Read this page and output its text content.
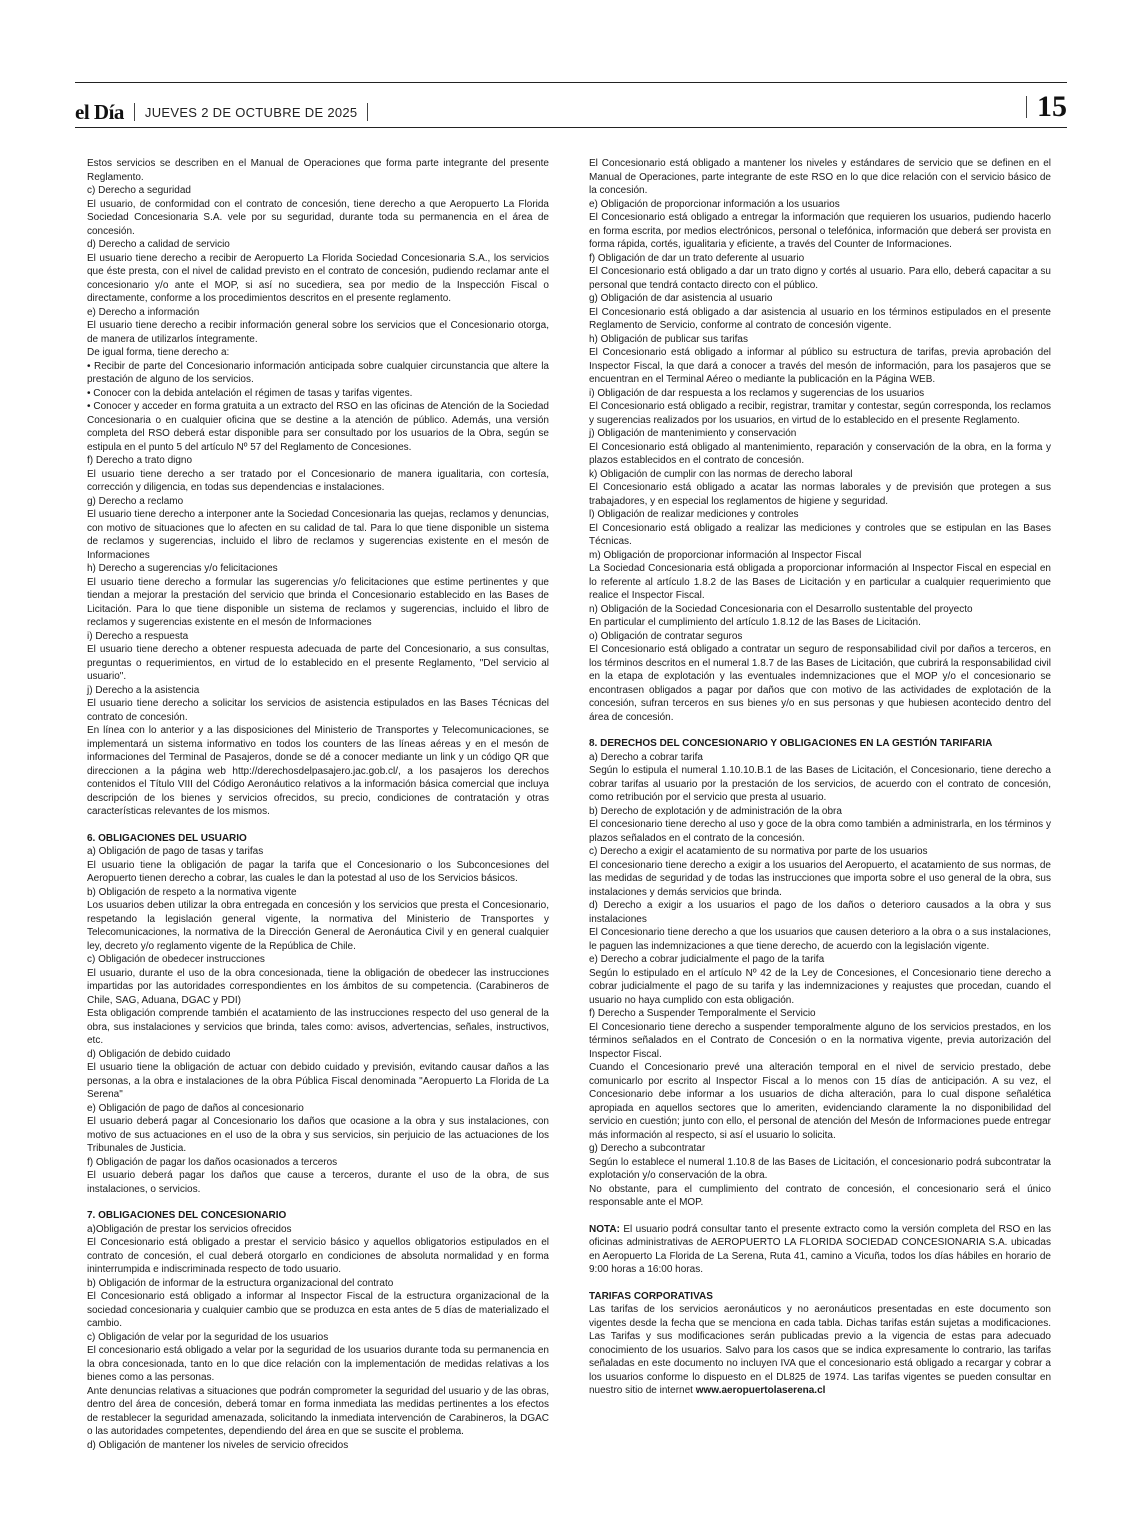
el Día JUEVES 2 DE OCTUBRE DE 2025	15

Estos servicios se describen en el Manual de Operaciones que forma parte integrante del presente Reglamento.

c) Derecho a seguridad

El usuario, de conformidad con el contrato de concesión, tiene derecho a que Aeropuerto La Florida Sociedad Concesionaria S.A. vele por su seguridad, durante toda su permanencia en el área de concesión.

d) Derecho a calidad de servicio

El usuario tiene derecho a recibir de Aeropuerto La Florida Sociedad Concesionaria S.A., los servicios que éste presta, con el nivel de calidad previsto en el contrato de concesión, pudiendo reclamar ante el concesionario y/o ante el MOP, si así no sucediera, sea por medio de la Inspección Fiscal o directamente, conforme a los procedimientos descritos en el presente reglamento.

e) Derecho a información

El usuario tiene derecho a recibir información general sobre los servicios que el Concesionario otorga, de manera de utilizarlos íntegramente.

De igual forma, tiene derecho a:

• Recibir de parte del Concesionario información anticipada sobre cualquier circunstancia que altere la prestación de alguno de los servicios.

• Conocer con la debida antelación el régimen de tasas y tarifas vigentes.

• Conocer y acceder en forma gratuita a un extracto del RSO en las oficinas de Atención de la Sociedad Concesionaria o en cualquier oficina que se destine a la atención de público. Además, una versión completa del RSO deberá estar disponible para ser consultado por los usuarios de la Obra, según se estipula en el punto 5 del artículo Nº 57 del Reglamento de Concesiones.

f) Derecho a trato digno

El usuario tiene derecho a ser tratado por el Concesionario de manera igualitaria, con cortesía, corrección y diligencia, en todas sus dependencias e instalaciones.

g) Derecho a reclamo

El usuario tiene derecho a interponer ante la Sociedad Concesionaria las quejas, reclamos y denuncias, con motivo de situaciones que lo afecten en su calidad de tal. Para lo que tiene disponible un sistema de reclamos y sugerencias, incluido el libro de reclamos y sugerencias existente en el mesón de Informaciones

h) Derecho a sugerencias y/o felicitaciones

El usuario tiene derecho a formular las sugerencias y/o felicitaciones que estime pertinentes y que tiendan a mejorar la prestación del servicio que brinda el Concesionario establecido en las Bases de Licitación. Para lo que tiene disponible un sistema de reclamos y sugerencias, incluido el libro de reclamos y sugerencias existente en el mesón de Informaciones

i) Derecho a respuesta

El usuario tiene derecho a obtener respuesta adecuada de parte del Concesionario, a sus consultas, preguntas o requerimientos, en virtud de lo establecido en el presente Reglamento, "Del servicio al usuario".

j) Derecho a la asistencia

El usuario tiene derecho a solicitar los servicios de asistencia estipulados en las Bases Técnicas del contrato de concesión.

En línea con lo anterior y a las disposiciones del Ministerio de Transportes y Telecomunicaciones, se implementará un sistema informativo en todos los counters de las líneas aéreas y en el mesón de informaciones del Terminal de Pasajeros, donde se dé a conocer mediante un link y un código QR que direccionen a la página web http://derechosdelpasajero.jac.gob.cl/, a los pasajeros los derechos contenidos el Título VIII del Código Aeronáutico relativos a la información básica comercial que incluya descripción de los bienes y servicios ofrecidos, su precio, condiciones de contratación y otras características relevantes de los mismos.

6. OBLIGACIONES DEL USUARIO

a) Obligación de pago de tasas y tarifas

El usuario tiene la obligación de pagar la tarifa que el Concesionario o los Subconcesiones del Aeropuerto tienen derecho a cobrar, las cuales le dan la potestad al uso de los Servicios básicos.

b) Obligación de respeto a la normativa vigente

Los usuarios deben utilizar la obra entregada en concesión y los servicios que presta el Concesionario, respetando la legislación general vigente, la normativa del Ministerio de Transportes y Telecomunicaciones, la normativa de la Dirección General de Aeronáutica Civil y en general cualquier ley, decreto y/o reglamento vigente de la República de Chile.

c) Obligación de obedecer instrucciones

El usuario, durante el uso de la obra concesionada, tiene la obligación de obedecer las instrucciones impartidas por las autoridades correspondientes en los ámbitos de su competencia. (Carabineros de Chile, SAG, Aduana, DGAC y PDI)

Esta obligación comprende también el acatamiento de las instrucciones respecto del uso general de la obra, sus instalaciones y servicios que brinda, tales como: avisos, advertencias, señales, instructivos, etc.

d) Obligación de debido cuidado

El usuario tiene la obligación de actuar con debido cuidado y previsión, evitando causar daños a las personas, a la obra e instalaciones de la obra Pública Fiscal denominada "Aeropuerto La Florida de La Serena"

e) Obligación de pago de daños al concesionario

El usuario deberá pagar al Concesionario los daños que ocasione a la obra y sus instalaciones, con motivo de sus actuaciones en el uso de la obra y sus servicios, sin perjuicio de las actuaciones de los Tribunales de Justicia.

f) Obligación de pagar los daños ocasionados a terceros

El usuario deberá pagar los daños que cause a terceros, durante el uso de la obra, de sus instalaciones, o servicios.

7. OBLIGACIONES DEL CONCESIONARIO

a)Obligación de prestar los servicios ofrecidos

El Concesionario está obligado a prestar el servicio básico y aquellos obligatorios estipulados en el contrato de concesión, el cual deberá otorgarlo en condiciones de absoluta normalidad y en forma ininterrumpida e indiscriminada respecto de todo usuario.

b) Obligación de informar de la estructura organizacional del contrato

El Concesionario está obligado a informar al Inspector Fiscal de la estructura organizacional de la sociedad concesionaria y cualquier cambio que se produzca en esta antes de 5 días de materializado el cambio.

c) Obligación de velar por la seguridad de los usuarios

El concesionario está obligado a velar por la seguridad de los usuarios durante toda su permanencia en la obra concesionada, tanto en lo que dice relación con la implementación de medidas relativas a los bienes como a las personas.

Ante denuncias relativas a situaciones que podrán comprometer la seguridad del usuario y de las obras, dentro del área de concesión, deberá tomar en forma inmediata las medidas pertinentes a los efectos de restablecer la seguridad amenazada, solicitando la inmediata intervención de Carabineros, la DGAC o las autoridades competentes, dependiendo del área en que se suscite el problema.

d) Obligación de mantener los niveles de servicio ofrecidos

El Concesionario está obligado a mantener los niveles y estándares de servicio que se definen en el Manual de Operaciones, parte integrante de este RSO en lo que dice relación con el servicio básico de la concesión.

e) Obligación de proporcionar información a los usuarios

El Concesionario está obligado a entregar la información que requieren los usuarios, pudiendo hacerlo en forma escrita, por medios electrónicos, personal o telefónica, información que deberá ser provista en forma rápida, cortés, igualitaria y eficiente, a través del Counter de Informaciones.

f) Obligación de dar un trato deferente al usuario

El Concesionario está obligado a dar un trato digno y cortés al usuario. Para ello, deberá capacitar a su personal que tendrá contacto directo con el público.

g) Obligación de dar asistencia al usuario

El Concesionario está obligado a dar asistencia al usuario en los términos estipulados en el presente Reglamento de Servicio, conforme al contrato de concesión vigente.

h) Obligación de publicar sus tarifas

El Concesionario está obligado a informar al público su estructura de tarifas, previa aprobación del Inspector Fiscal, la que dará a conocer a través del mesón de información, para los pasajeros que se encuentran en el Terminal Aéreo o mediante la publicación en la Página WEB.

i) Obligación de dar respuesta a los reclamos y sugerencias de los usuarios

El Concesionario está obligado a recibir, registrar, tramitar y contestar, según corresponda, los reclamos y sugerencias realizados por los usuarios, en virtud de lo establecido en el presente Reglamento.

j) Obligación de mantenimiento y conservación

El Concesionario está obligado al mantenimiento, reparación y conservación de la obra, en la forma y plazos establecidos en el contrato de concesión.

k) Obligación de cumplir con las normas de derecho laboral

El Concesionario está obligado a acatar las normas laborales y de previsión que protegen a sus trabajadores, y en especial los reglamentos de higiene y seguridad.

l) Obligación de realizar mediciones y controles

El Concesionario está obligado a realizar las mediciones y controles que se estipulan en las Bases Técnicas.

m) Obligación de proporcionar información al Inspector Fiscal

La Sociedad Concesionaria está obligada a proporcionar información al Inspector Fiscal en especial en lo referente al artículo 1.8.2 de las Bases de Licitación y en particular a cualquier requerimiento que realice el Inspector Fiscal.

n) Obligación de la Sociedad Concesionaria con el Desarrollo sustentable del proyecto

En particular el cumplimiento del artículo 1.8.12 de las Bases de Licitación.

o) Obligación de contratar seguros

El Concesionario está obligado a contratar un seguro de responsabilidad civil por daños a terceros, en los términos descritos en el numeral 1.8.7 de las Bases de Licitación, que cubrirá la responsabilidad civil en la etapa de explotación y las eventuales indemnizaciones que el MOP y/o el concesionario se encontrasen obligados a pagar por daños que con motivo de las actividades de explotación de la concesión, sufran terceros en sus bienes y/o en sus personas y que hubiesen acontecido dentro del área de concesión.

8. DERECHOS DEL CONCESIONARIO Y OBLIGACIONES EN LA GESTIÓN TARIFARIA

a) Derecho a cobrar tarifa

Según lo estipula el numeral 1.10.10.B.1 de las Bases de Licitación, el Concesionario, tiene derecho a cobrar tarifas al usuario por la prestación de los servicios, de acuerdo con el contrato de concesión, como retribución por el servicio que presta al usuario.

b) Derecho de explotación y de administración de la obra

El concesionario tiene derecho al uso y goce de la obra como también a administrarla, en los términos y plazos señalados en el contrato de la concesión.

c) Derecho a exigir el acatamiento de su normativa por parte de los usuarios

El concesionario tiene derecho a exigir a los usuarios del Aeropuerto, el acatamiento de sus normas, de las medidas de seguridad y de todas las instrucciones que importa sobre el uso general de la obra, sus instalaciones y demás servicios que brinda.

d) Derecho a exigir a los usuarios el pago de los daños o deterioro causados a la obra y sus instalaciones

El Concesionario tiene derecho a que los usuarios que causen deterioro a la obra o a sus instalaciones, le paguen las indemnizaciones a que tiene derecho, de acuerdo con la legislación vigente.

e) Derecho a cobrar judicialmente el pago de la tarifa

Según lo estipulado en el artículo Nº 42 de la Ley de Concesiones, el Concesionario tiene derecho a cobrar judicialmente el pago de su tarifa y las indemnizaciones y reajustes que procedan, cuando el usuario no haya cumplido con esta obligación.

f) Derecho a Suspender Temporalmente el Servicio

El Concesionario tiene derecho a suspender temporalmente alguno de los servicios prestados, en los términos señalados en el Contrato de Concesión o en la normativa vigente, previa autorización del Inspector Fiscal.

Cuando el Concesionario prevé una alteración temporal en el nivel de servicio prestado, debe comunicarlo por escrito al Inspector Fiscal a lo menos con 15 días de anticipación. A su vez, el Concesionario debe informar a los usuarios de dicha alteración, para lo cual dispone señalética apropiada en aquellos sectores que lo ameriten, evidenciando claramente la no disponibilidad del servicio en cuestión; junto con ello, el personal de atención del Mesón de Informaciones puede entregar más información al respecto, si así el usuario lo solicita.

g) Derecho a subcontratar

Según lo establece el numeral 1.10.8 de las Bases de Licitación, el concesionario podrá subcontratar la explotación y/o conservación de la obra.

No obstante, para el cumplimiento del contrato de concesión, el concesionario será el único responsable ante el MOP.

NOTA: El usuario podrá consultar tanto el presente extracto como la versión completa del RSO en las oficinas administrativas de AEROPUERTO LA FLORIDA SOCIEDAD CONCESIONARIA S.A. ubicadas en Aeropuerto La Florida de La Serena, Ruta 41, camino a Vicuña, todos los días hábiles en horario de 9:00 horas a 16:00 horas.

TARIFAS CORPORATIVAS

Las tarifas de los servicios aeronáuticos y no aeronáuticos presentadas en este documento son vigentes desde la fecha que se menciona en cada tabla. Dichas tarifas están sujetas a modificaciones. Las Tarifas y sus modificaciones serán publicadas previo a la vigencia de estas para adecuado conocimiento de los usuarios. Salvo para los casos que se indica expresamente lo contrario, las tarifas señaladas en este documento no incluyen IVA que el concesionario está obligado a recargar y cobrar a los usuarios conforme lo dispuesto en el DL825 de 1974. Las tarifas vigentes se pueden consultar en nuestro sitio de internet www.aeropuertolaserena.cl
